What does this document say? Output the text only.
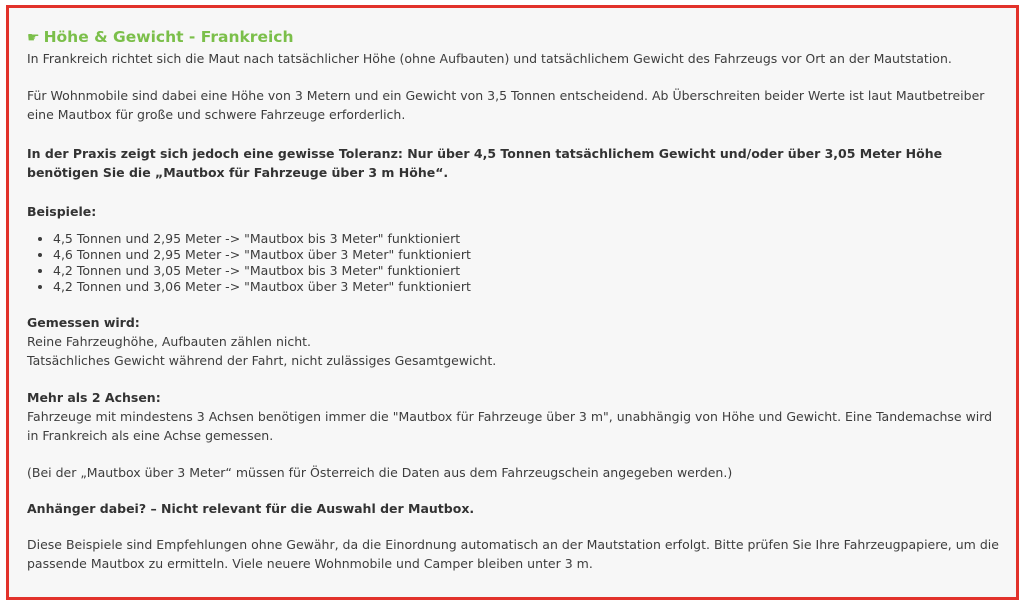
☛ Höhe & Gewicht - Frankreich

In Frankreich richtet sich die Maut nach tatsächlicher Höhe (ohne Aufbauten) und tatsächlichem Gewicht des Fahrzeugs vor Ort an der Mautstation.

Für Wohnmobile sind dabei eine Höhe von 3 Metern und ein Gewicht von 3,5 Tonnen entscheidend. Ab Überschreiten beider Werte ist laut Mautbetreiber eine Mautbox für große und schwere Fahrzeuge erforderlich.

In der Praxis zeigt sich jedoch eine gewisse Toleranz: Nur über 4,5 Tonnen tatsächlichem Gewicht und/oder über 3,05 Meter Höhe benötigen Sie die „Mautbox für Fahrzeuge über 3 m Höhe“.

Beispiele:

• 4,5 Tonnen und 2,95 Meter -> "Mautbox bis 3 Meter" funktioniert
• 4,6 Tonnen und 2,95 Meter -> "Mautbox über 3 Meter" funktioniert
• 4,2 Tonnen und 3,05 Meter -> "Mautbox bis 3 Meter" funktioniert
• 4,2 Tonnen und 3,06 Meter -> "Mautbox über 3 Meter" funktioniert

Gemessen wird:

Reine Fahrzeughöhe, Aufbauten zählen nicht.

Tatsächliches Gewicht während der Fahrt, nicht zulässiges Gesamtgewicht.

Mehr als 2 Achsen:

Fahrzeuge mit mindestens 3 Achsen benötigen immer die "Mautbox für Fahrzeuge über 3 m", unabhängig von Höhe und Gewicht. Eine Tandemachse wird in Frankreich als eine Achse gemessen.

(Bei der „Mautbox über 3 Meter“ müssen für Österreich die Daten aus dem Fahrzeugschein angegeben werden.)

Anhänger dabei? – Nicht relevant für die Auswahl der Mautbox.

Diese Beispiele sind Empfehlungen ohne Gewähr, da die Einordnung automatisch an der Mautstation erfolgt. Bitte prüfen Sie Ihre Fahrzeugpapiere, um die passende Mautbox zu ermitteln. Viele neuere Wohnmobile und Camper bleiben unter 3 m.
